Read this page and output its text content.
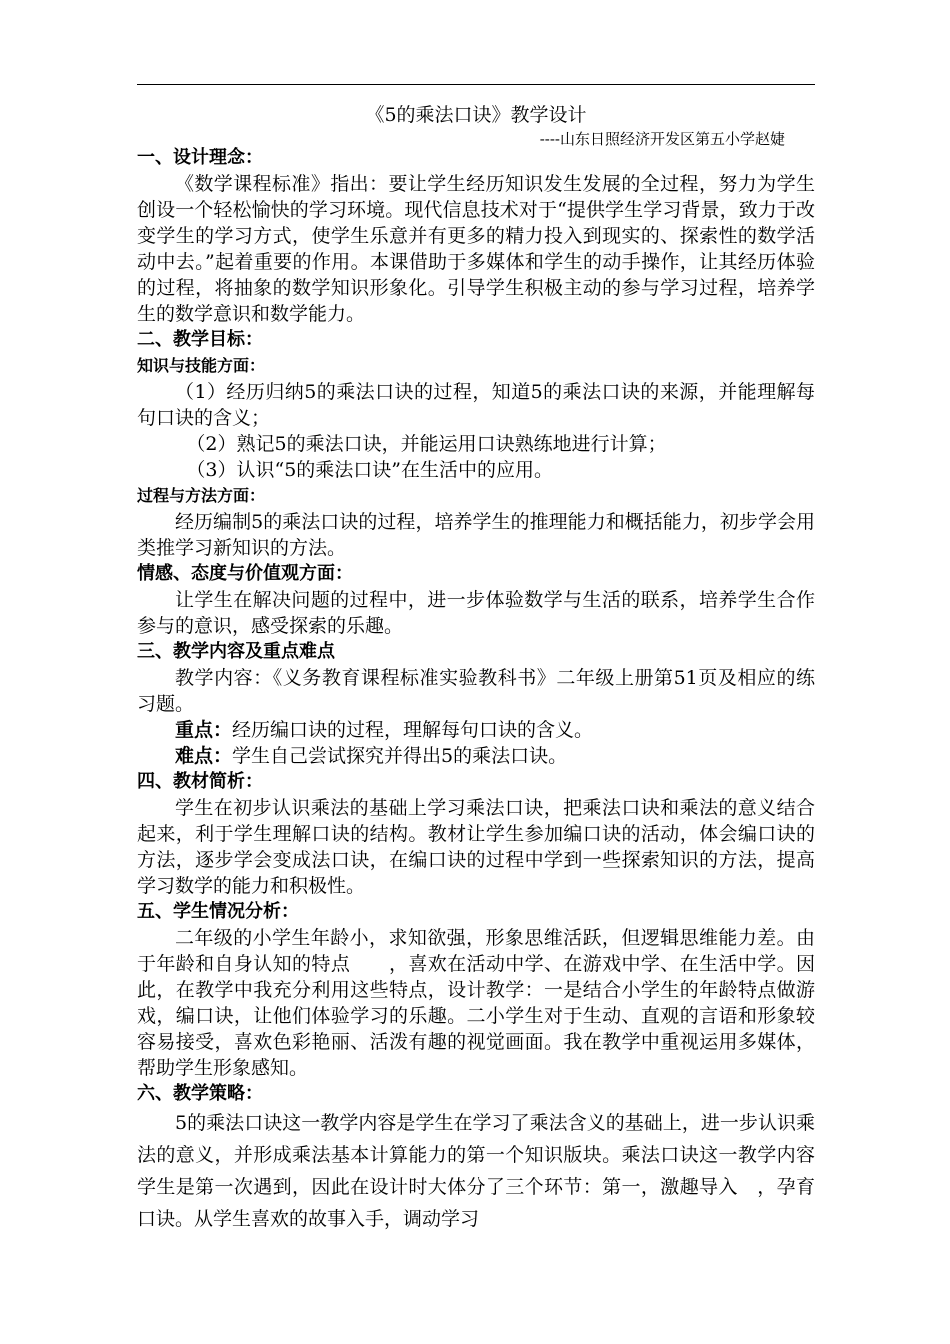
《5的乘法口诀》教学设计
----山东日照经济开发区第五小学赵婕
一、设计理念：

《数学课程标准》指出：要让学生经历知识发生发展的全过程，努力为学生创设一个轻松愉快的学习环境。现代信息技术对于“提供学生学习背景，致力于改变学生的学习方式，使学生乐意并有更多的精力投入到现实的、探索性的数学活动中去。”起着重要的作用。本课借助于多媒体和学生的动手操作，让其经历体验的过程，将抽象的数学知识形象化。引导学生积极主动的参与学习过程，培养学生的数学意识和数学能力。

二、教学目标：
知识与技能方面：

（1）经历归纳5的乘法口诀的过程，知道5的乘法口诀的来源，并能理解每句口诀的含义；

（2）熟记5的乘法口诀，并能运用口诀熟练地进行计算；

（3）认识“5的乘法口诀”在生活中的应用。

过程与方法方面：

经历编制5的乘法口诀的过程，培养学生的推理能力和概括能力，初步学会用类推学习新知识的方法。

情感、态度与价值观方面：

让学生在解决问题的过程中，进一步体验数学与生活的联系，培养学生合作参与的意识，感受探索的乐趣。

三、教学内容及重点难点

教学内容：《义务教育课程标准实验教科书》二年级上册第51页及相应的练习题。

重点：经历编口诀的过程，理解每句口诀的含义。

难点：学生自己尝试探究并得出5的乘法口诀。

四、教材简析：

学生在初步认识乘法的基础上学习乘法口诀，把乘法口诀和乘法的意义结合起来，利于学生理解口诀的结构。教材让学生参加编口诀的活动，体会编口诀的方法，逐步学会变成法口诀，在编口诀的过程中学到一些探索知识的方法，提高学习数学的能力和积极性。

五、学生情况分析：

二年级的小学生年龄小，求知欲强，形象思维活跃，但逻辑思维能力差。由于年龄和自身认知的特点　　，喜欢在活动中学、在游戏中学、在生活中学。因此，在教学中我充分利用这些特点，设计教学：一是结合小学生的年龄特点做游戏，编口诀，让他们体验学习的乐趣。二小学生对于生动、直观的言语和形象较容易接受，喜欢色彩艳丽、活泼有趣的视觉画面。我在教学中重视运用多媒体，帮助学生形象感知。

六、教学策略：

5的乘法口诀这一教学内容是学生在学习了乘法含义的基础上，进一步认识乘法的意义，并形成乘法基本计算能力的第一个知识版块。乘法口诀这一教学内容学生是第一次遇到，因此在设计时大体分了三个环节：第一，激趣导入　，孕育口诀。从学生喜欢的故事入手，调动学习
